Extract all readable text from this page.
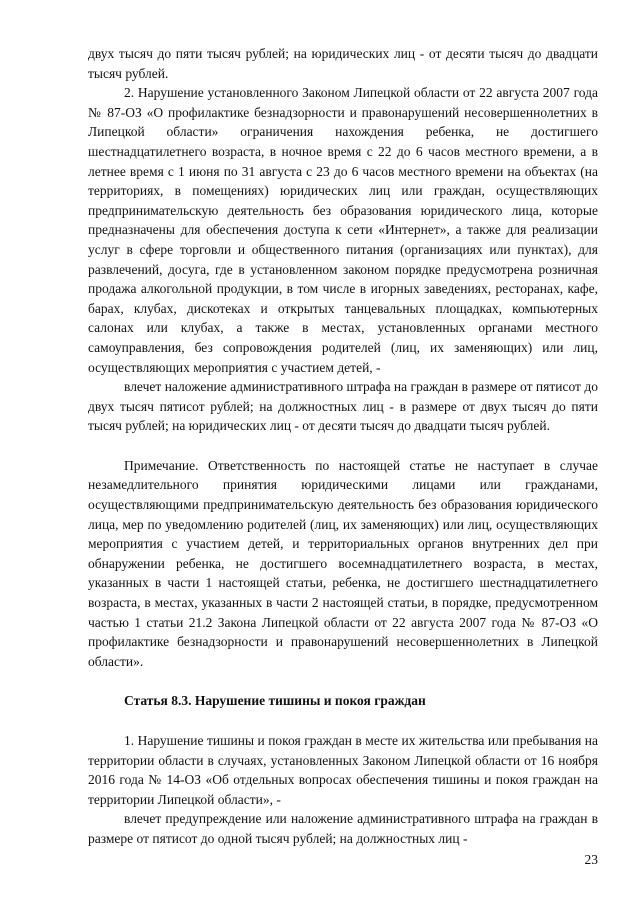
двух тысяч до пяти тысяч рублей; на юридических лиц - от десяти тысяч до двадцати тысяч рублей.

2. Нарушение установленного Законом Липецкой области от 22 августа 2007 года № 87-ОЗ «О профилактике безнадзорности и правонарушений несовершеннолетних в Липецкой области» ограничения нахождения ребенка, не достигшего шестнадцатилетнего возраста, в ночное время с 22 до 6 часов местного времени, а в летнее время с 1 июня по 31 августа с 23 до 6 часов местного времени на объектах (на территориях, в помещениях) юридических лиц или граждан, осуществляющих предпринимательскую деятельность без образования юридического лица, которые предназначены для обеспечения доступа к сети «Интернет», а также для реализации услуг в сфере торговли и общественного питания (организациях или пунктах), для развлечений, досуга, где в установленном законом порядке предусмотрена розничная продажа алкогольной продукции, в том числе в игорных заведениях, ресторанах, кафе, барах, клубах, дискотеках и открытых танцевальных площадках, компьютерных салонах или клубах, а также в местах, установленных органами местного самоуправления, без сопровождения родителей (лиц, их заменяющих) или лиц, осуществляющих мероприятия с участием детей, -

влечет наложение административного штрафа на граждан в размере от пятисот до двух тысяч пятисот рублей; на должностных лиц - в размере от двух тысяч до пяти тысяч рублей; на юридических лиц - от десяти тысяч до двадцати тысяч рублей.

Примечание. Ответственность по настоящей статье не наступает в случае незамедлительного принятия юридическими лицами или гражданами, осуществляющими предпринимательскую деятельность без образования юридического лица, мер по уведомлению родителей (лиц, их заменяющих) или лиц, осуществляющих мероприятия с участием детей, и территориальных органов внутренних дел при обнаружении ребенка, не достигшего восемнадцатилетнего возраста, в местах, указанных в части 1 настоящей статьи, ребенка, не достигшего шестнадцатилетнего возраста, в местах, указанных в части 2 настоящей статьи, в порядке, предусмотренном частью 1 статьи 21.2 Закона Липецкой области от 22 августа 2007 года № 87-ОЗ «О профилактике безнадзорности и правонарушений несовершеннолетних в Липецкой области».

Статья 8.3. Нарушение тишины и покоя граждан

1. Нарушение тишины и покоя граждан в месте их жительства или пребывания на территории области в случаях, установленных Законом Липецкой области от 16 ноября 2016 года № 14-ОЗ «Об отдельных вопросах обеспечения тишины и покоя граждан на территории Липецкой области», -

влечет предупреждение или наложение административного штрафа на граждан в размере от пятисот до одной тысяч рублей; на должностных лиц -

23
